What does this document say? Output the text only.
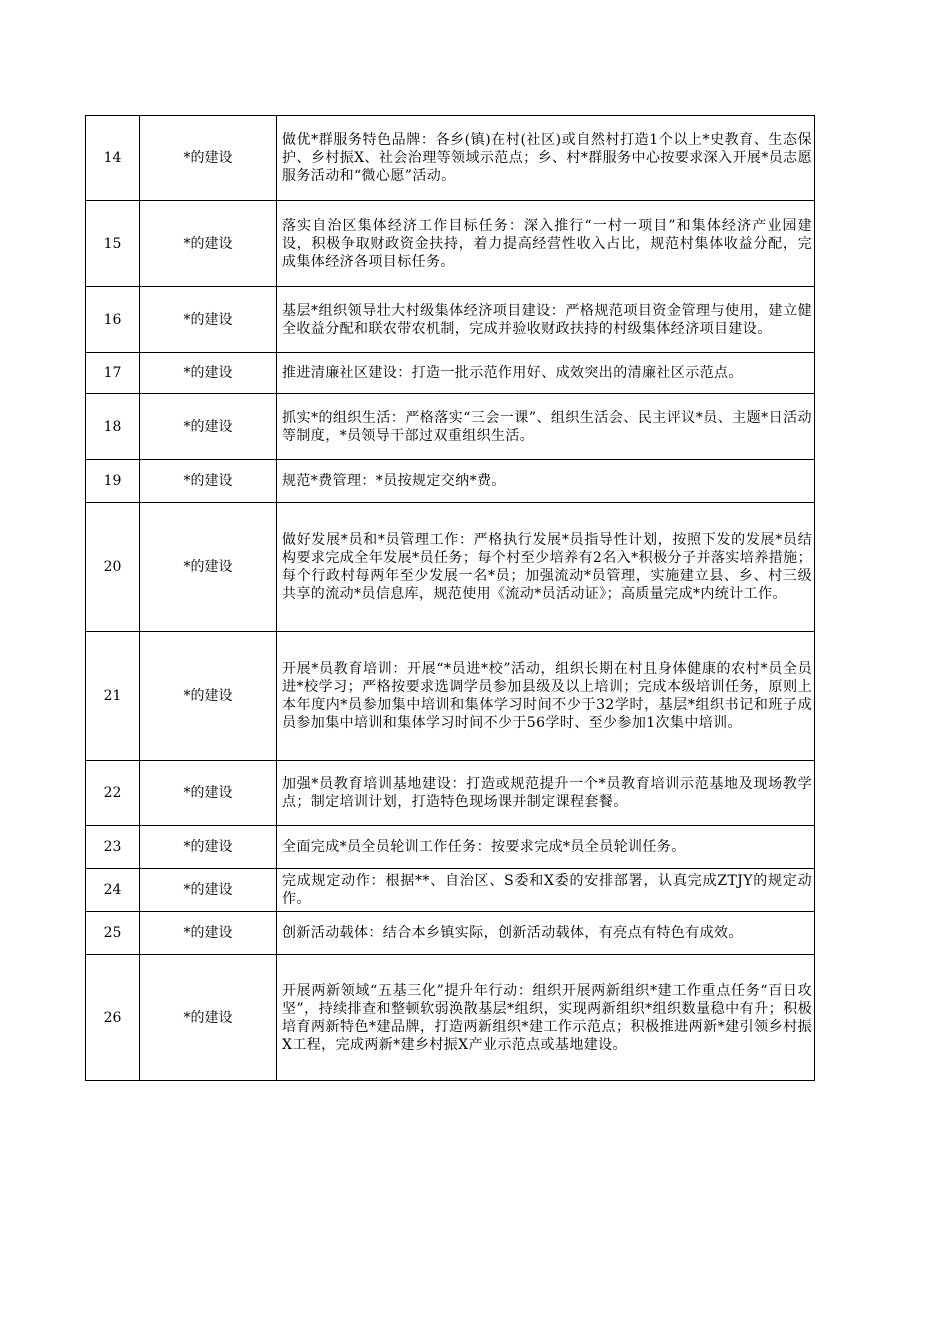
14	*的建设	做优*群服务特色品牌：各乡(镇)在村(社区)或自然村打造1个以上*史教育、生态保护、乡村振X、社会治理等领域示范点；乡、村*群服务中心按要求深入开展*员志愿服务活动和“微心愿”活动。
15	*的建设	落实自治区集体经济工作目标任务：深入推行“一村一项目”和集体经济产业园建设，积极争取财政资金扶持，着力提高经营性收入占比，规范村集体收益分配，完成集体经济各项目标任务。
16	*的建设	基层*组织领导壮大村级集体经济项目建设：严格规范项目资金管理与使用，建立健全收益分配和联农带农机制，完成并验收财政扶持的村级集体经济项目建设。
17	*的建设	推进清廉社区建设：打造一批示范作用好、成效突出的清廉社区示范点。
18	*的建设	抓实*的组织生活：严格落实“三会一课”、组织生活会、民主评议*员、主题*日活动等制度，*员领导干部过双重组织生活。
19	*的建设	规范*费管理：*员按规定交纳*费。
20	*的建设	做好发展*员和*员管理工作：严格执行发展*员指导性计划，按照下发的发展*员结构要求完成全年发展*员任务；每个村至少培养有2名入*积极分子并落实培养措施；每个行政村每两年至少发展一名*员；加强流动*员管理，实施建立县、乡、村三级共享的流动*员信息库，规范使用《流动*员活动证》；高质量完成*内统计工作。
21	*的建设	开展*员教育培训：开展“*员进*校”活动，组织长期在村且身体健康的农村*员全员进*校学习；严格按要求选调学员参加县级及以上培训；完成本级培训任务，原则上本年度内*员参加集中培训和集体学习时间不少于32学时，基层*组织书记和班子成员参加集中培训和集体学习时间不少于56学时、至少参加1次集中培训。
22	*的建设	加强*员教育培训基地建设：打造或规范提升一个*员教育培训示范基地及现场教学点；制定培训计划，打造特色现场课并制定课程套餐。
23	*的建设	全面完成*员全员轮训工作任务：按要求完成*员全员轮训任务。
24	*的建设	完成规定动作：根据**、自治区、S委和X委的安排部署，认真完成ZTJY的规定动作。
25	*的建设	创新活动载体：结合本乡镇实际，创新活动载体，有亮点有特色有成效。
26	*的建设	开展两新领域“五基三化”提升年行动：组织开展两新组织*建工作重点任务“百日攻坚”，持续排查和整顿软弱涣散基层*组织，实现两新组织*组织数量稳中有升；积极培育两新特色*建品牌，打造两新组织*建工作示范点；积极推进两新*建引领乡村振X工程，完成两新*建乡村振X产业示范点或基地建设。
